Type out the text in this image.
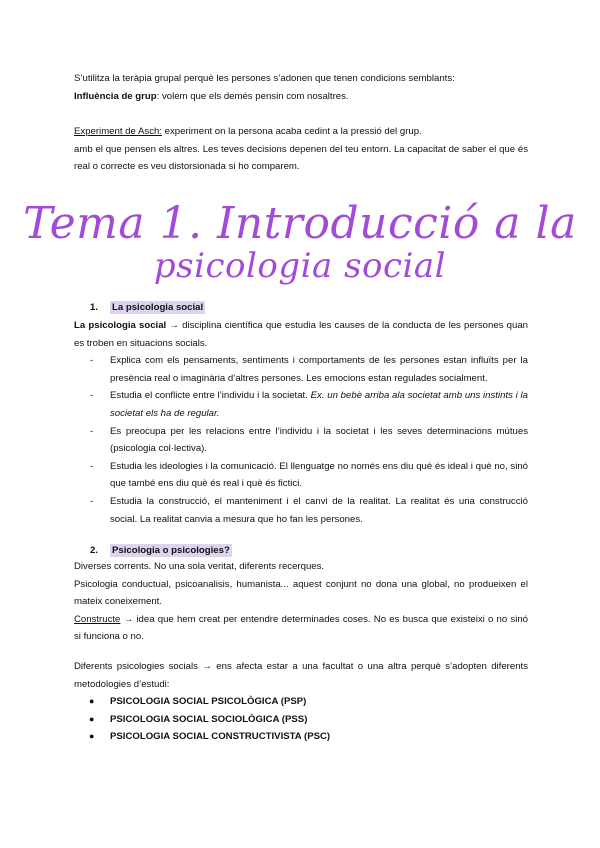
S’utilitza la teràpia grupal perquè les persones s’adonen que tenen condicions semblants:

Influència de grup: volem que els demés pensin com nosaltres.

Experiment de Asch: experiment on la persona acaba cedint a la pressió del grup.

amb el que pensen els altres. Les teves decisions depenen del teu entorn. La capacitat de saber el que és real o correcte es veu distorsionada si ho comparem.

Tema 1. Introducció a la
psicologia social
1. La psicologia social

La psicologia social → disciplina científica que estudia les causes de la conducta de les persones quan es troben en situacions socials.

- Explica com els pensaments, sentiments i comportaments de les persones estan influïts per la presència real o imaginària d’altres persones. Les emocions estan regulades socialment.
- Estudia el conflicte entre l’individu i la societat. Ex. un bebè arriba ala societat amb uns instints i la societat els ha de regular.
- Es preocupa per les relacions entre l’individu i la societat i les seves determinacions mútues (psicologia col·lectiva).
- Estudia les ideologies i la comunicació. El llenguatge no només ens diu què és ideal i què no, sinó que també ens diu què és real i què és fictici.
- Estudia la construcció, el manteniment i el canvi de la realitat. La realitat és una construcció social. La realitat canvia a mesura que ho fan les persones.
2. Psicologia o psicologies?

Diverses corrents. No una sola veritat, diferents recerques.

Psicologia conductual, psicoanalisis, humanista... aquest conjunt no dona una global, no produeixen el mateix coneixement.

Constructe → idea que hem creat per entendre determinades coses. No es busca que existeixi o no sinó si funciona o no.

Diferents psicologies socials → ens afecta estar a una facultat o una altra perquè s’adopten diferents metodologies d’estudi:

● PSICOLOGIA SOCIAL PSICOLÒGICA (PSP)
● PSICOLOGIA SOCIAL SOCIOLÒGICA (PSS)
● PSICOLOGIA SOCIAL CONSTRUCTIVISTA (PSC)
